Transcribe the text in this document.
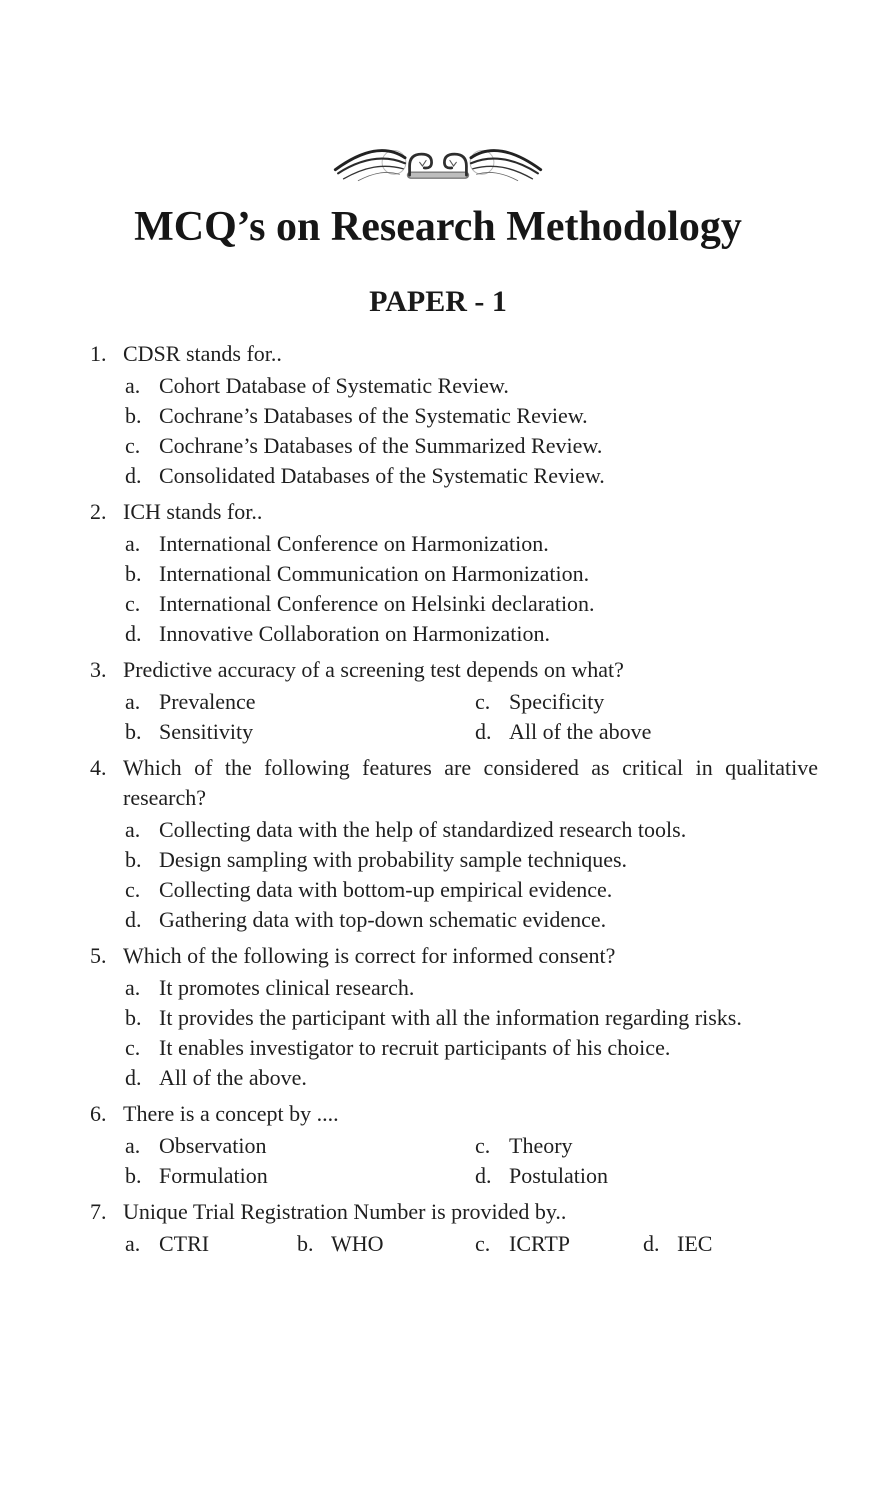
MCQ’s on Research Methodology
PAPER - 1
1. CDSR stands for..
a. Cohort Database of Systematic Review.
b. Cochrane’s Databases of the Systematic Review.
c. Cochrane’s Databases of the Summarized Review.
d. Consolidated Databases of the Systematic Review.
2. ICH stands for..
a. International Conference on Harmonization.
b. International Communication on Harmonization.
c. International Conference on Helsinki declaration.
d. Innovative Collaboration on Harmonization.
3. Predictive accuracy of a screening test depends on what?
a. Prevalence	c. Specificity
b. Sensitivity	d. All of the above
4. Which of the following features are considered as critical in qualitative research?
a. Collecting data with the help of standardized research tools.
b. Design sampling with probability sample techniques.
c. Collecting data with bottom-up empirical evidence.
d. Gathering data with top-down schematic evidence.
5. Which of the following is correct for informed consent?
a. It promotes clinical research.
b. It provides the participant with all the information regarding risks.
c. It enables investigator to recruit participants of his choice.
d. All of the above.
6. There is a concept by ....
a. Observation	c. Theory
b. Formulation	d. Postulation
7. Unique Trial Registration Number is provided by..
a. CTRI	b. WHO	c. ICRTP	d. IEC
